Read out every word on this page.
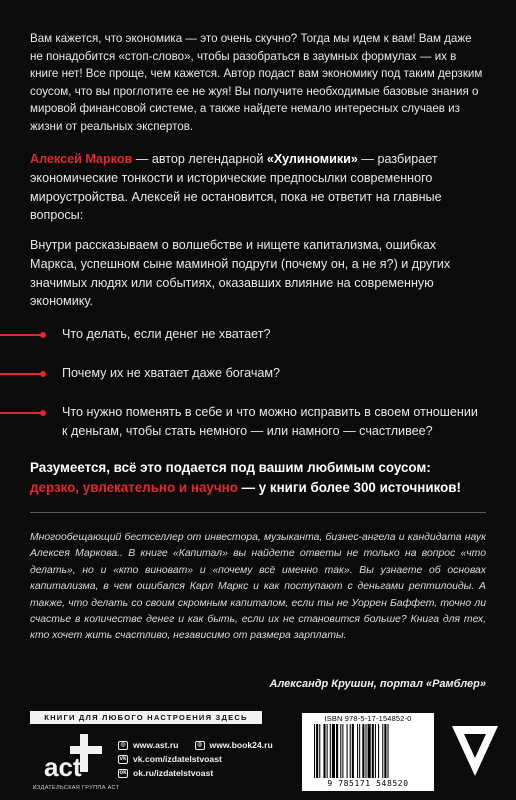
Вам кажется, что экономика — это очень скучно? Тогда мы идем к вам! Вам даже не понадобится «стоп-слово», чтобы разобраться в заумных формулах — их в книге нет! Все проще, чем кажется. Автор подаст вам экономику под таким дерзким соусом, что вы проглотите ее не жуя! Вы получите необходимые базовые знания о мировой финансовой системе, а также найдете немало интересных случаев из жизни от реальных экспертов.

Алексей Марков — автор легендарной «Хулиномики» — разбирает экономические тонкости и исторические предпосылки современного мироустройства. Алексей не остановится, пока не ответит на главные вопросы:

Внутри рассказываем о волшебстве и нищете капитализма, ошибках Маркса, успешном сыне маминой подруги (почему он, а не я?) и других значимых людях или событиях, оказавших влияние на современную экономику.

Что делать, если денег не хватает?
Почему их не хватает даже богачам?
Что нужно поменять в себе и что можно исправить в своем отношении к деньгам, чтобы стать немного — или намного — счастливее?

Разумеется, всё это подается под вашим любимым соусом:
дерзко, увлекательно и научно — у книги более 300 источников!

Многообещающий бестселлер от инвестора, музыканта, бизнес-ангела и кандидата наук Алексея Маркова.. В книге «Капитал» вы найдете ответы не только на вопрос «что делать», но и «кто виноват» и «почему всё именно так». Вы узнаете об основах капитализма, в чем ошибался Карл Маркс и как поступают с деньгами рептилоиды. А также, что делать со своим скромным капиталом, если ты не Уоррен Баффет, точно ли счастье в количестве денег и как быть, если их не становится больше? Книга для тех, кто хочет жить счастливо, независимо от размера зарплаты.

Александр Крушин, портал «Рамблер»
КНИГИ ДЛЯ ЛЮБОГО НАСТРОЕНИЯ ЗДЕСЬ
act
ИЗДАТЕЛЬСКАЯ ГРУППА АСТ
◍ www.ast.ru	◍ www.book24.ru
vk vk.com/izdatelstvoast
ok ok.ru/izdatelstvoast
ISBN 978-5-17-154852-0
9 785171 548520
